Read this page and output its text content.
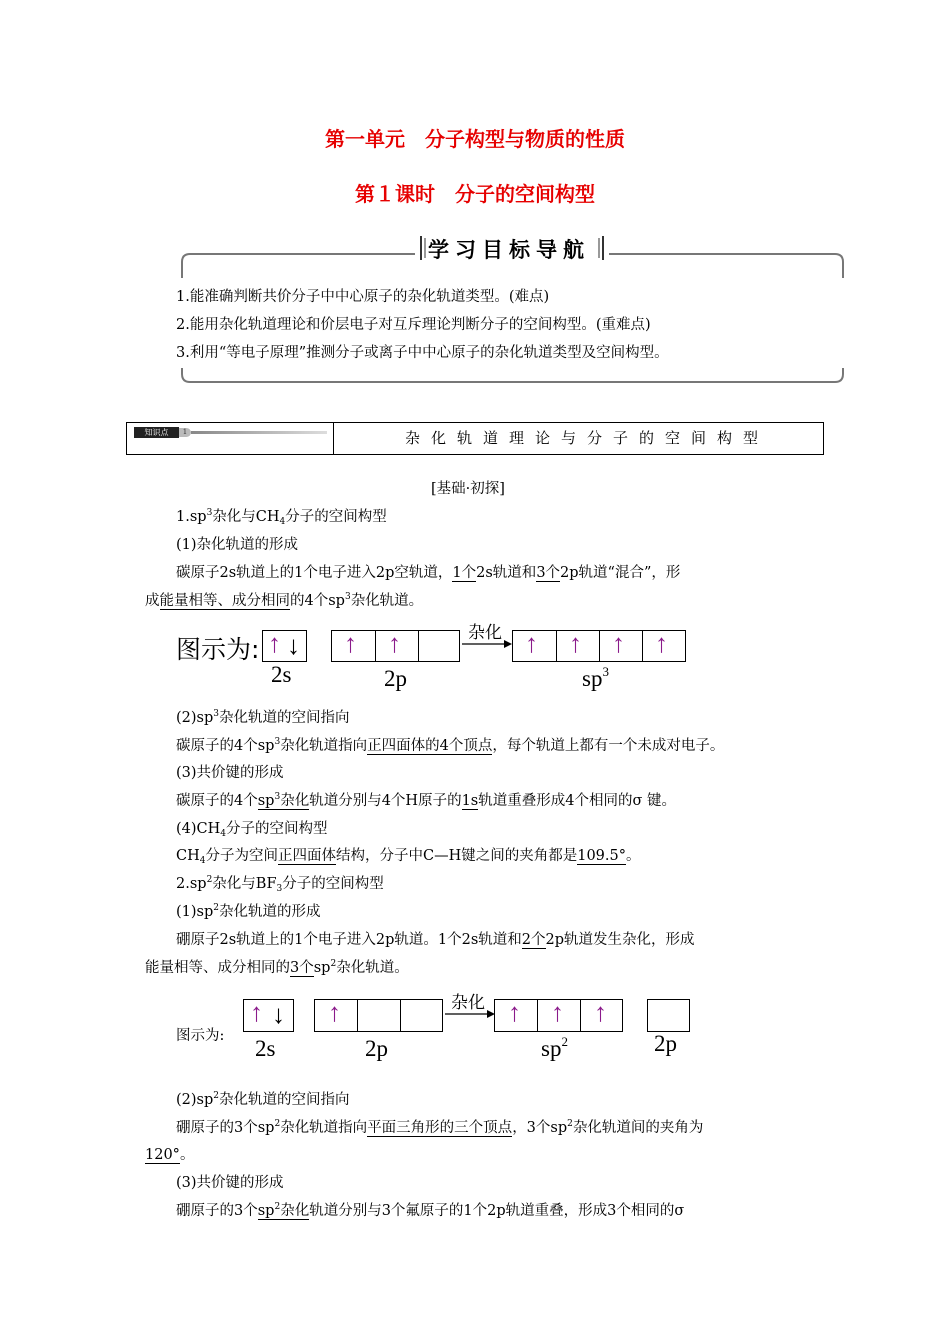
第一单元　分子构型与物质的性质
第１课时　分子的空间构型
学习目标导航
1.能准确判断共价分子中中心原子的杂化轨道类型。(难点)
2.能用杂化轨道理论和价层电子对互斥理论判断分子的空间构型。(重难点)
3.利用“等电子原理”推测分子或离子中中心原子的杂化轨道类型及空间构型。
知识点	1	杂化轨道理论与分子的空间构型
[基础·初探]
$1.sp^3$杂化与$CH_4$分子的空间构型
(1)杂化轨道的形成
碳原子2s轨道上的1个电子进入2p空轨道，1个2s轨道和3个2p轨道“混合”，形
成能量相等、成分相同的4个$sp^3$杂化轨道。
图示为: ↑ ↓ ↑ ↑	杂化 ↑ ↑ ↑ ↑
2s	2p	$sp^3$
$(2)sp^3$杂化轨道的空间指向
碳原子的4个$sp^3$杂化轨道指向正四面体的4个顶点，每个轨道上都有一个未成对电子。
(3)共价键的形成
碳原子的4个$sp^3$杂化轨道分别与4个H原子的1s轨道重叠形成4个相同的σ 键。
$(4)CH_4$分子的空间构型
$CH_4$分子为空间正四面体结构，分子中C—H键之间的夹角都是109.5°。
$2.sp^2$杂化与$BF_3$分子的空间构型
$(1)sp^2$杂化轨道的形成
硼原子2s轨道上的1个电子进入2p轨道。1个2s轨道和2个2p轨道发生杂化，形成
能量相等、成分相同的3个$sp^2$杂化轨道。
图示为:
↑ ↓ ↑	杂化 ↑ ↑ ↑
2s	2p	$sp^2$	2p
$(2)sp^2$杂化轨道的空间指向
硼原子的3个$sp^2$杂化轨道指向平面三角形的三个顶点，3个$sp^2$杂化轨道间的夹角为
120°。
(3)共价键的形成
硼原子的3个$sp^2$杂化轨道分别与3个氟原子的1个2p轨道重叠，形成3个相同的σ
